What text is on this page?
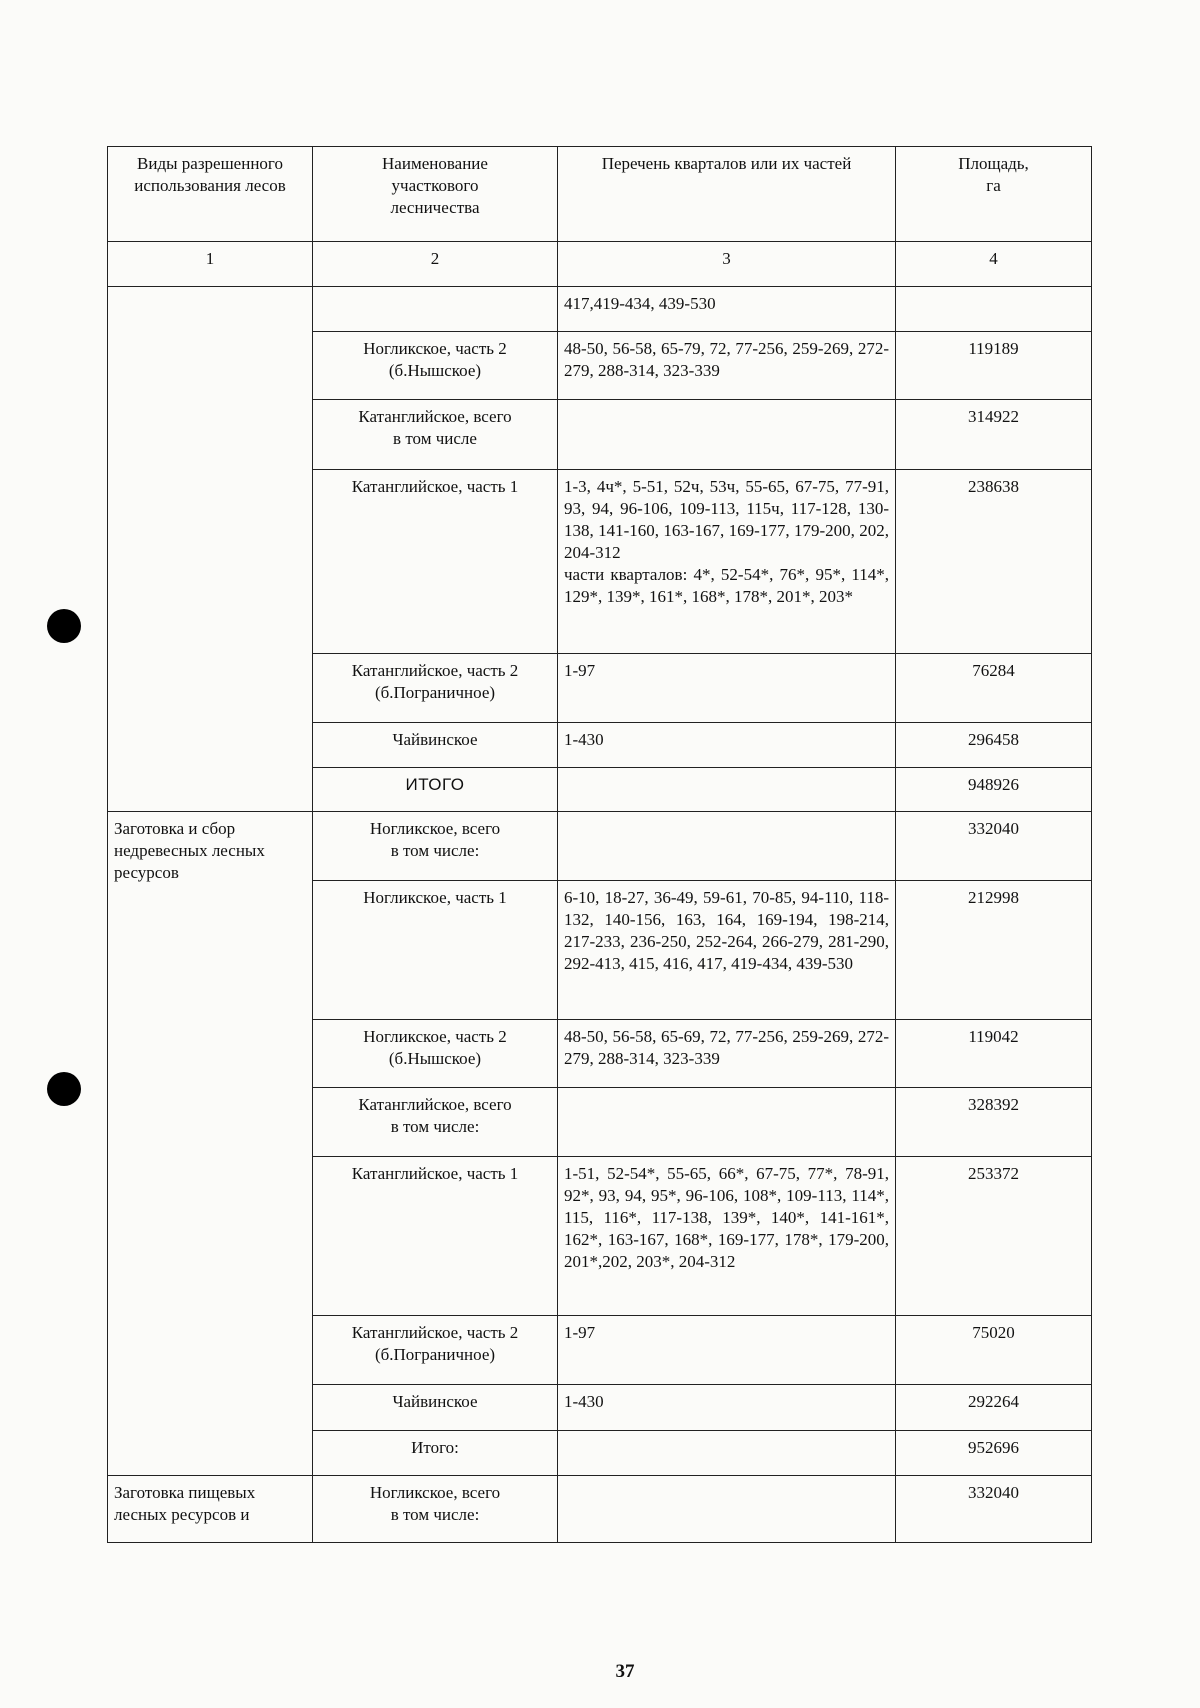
Виды разрешенного
использования лесов	Наименование
участкового
лесничества	Перечень кварталов или их частей	Площадь,
га
1	2	3	4
		417,419-434, 439-530	
	Ногликское, часть 2
(б.Нышское)	48-50, 56-58, 65-79, 72, 77-256, 259-269, 272-279, 288-314, 323-339	119189
	Катанглийское, всего
в том числе		314922
	Катанглийское, часть 1	1-3, 4ч*, 5-51, 52ч, 53ч, 55-65, 67-75, 77-91, 93, 94, 96-106, 109-113, 115ч, 117-128, 130-138, 141-160, 163-167, 169-177, 179-200, 202, 204-312
части кварталов: 4*, 52-54*, 76*, 95*, 114*, 129*, 139*, 161*, 168*, 178*, 201*, 203*	238638
	Катанглийское, часть 2
(б.Пограничное)	1-97	76284
	Чайвинское	1-430	296458
	ИТОГО		948926
Заготовка и сбор
недревесных лесных
ресурсов	Ногликское, всего
в том числе:		332040
	Ногликское, часть 1	6-10, 18-27, 36-49, 59-61, 70-85, 94-110, 118-132, 140-156, 163, 164, 169-194, 198-214, 217-233, 236-250, 252-264, 266-279, 281-290, 292-413, 415, 416, 417, 419-434, 439-530	212998
	Ногликское, часть 2
(б.Нышское)	48-50, 56-58, 65-69, 72, 77-256, 259-269, 272-279, 288-314, 323-339	119042
	Катанглийское, всего
в том числе:		328392
	Катанглийское, часть 1	1-51, 52-54*, 55-65, 66*, 67-75, 77*, 78-91, 92*, 93, 94, 95*, 96-106, 108*, 109-113, 114*, 115, 116*, 117-138, 139*, 140*, 141-161*, 162*, 163-167, 168*, 169-177, 178*, 179-200, 201*,202, 203*, 204-312	253372
	Катанглийское, часть 2
(б.Пограничное)	1-97	75020
	Чайвинское	1-430	292264
	Итого:		952696
Заготовка пищевых
лесных ресурсов и	Ногликское, всего
в том числе:		332040
37
